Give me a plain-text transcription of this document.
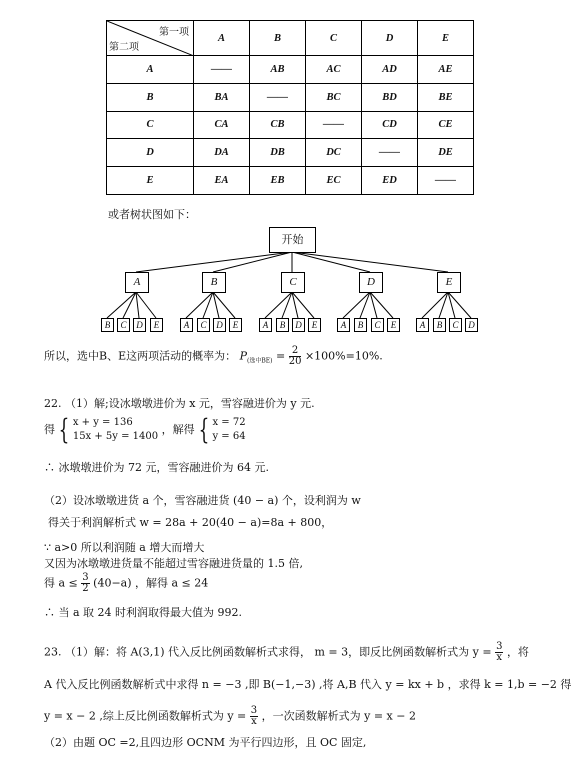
第一项
第二项	A	B	C	D	E
A	——	AB	AC	AD	AE
B	BA	——	BC	BD	BE
C	CA	CB	——	CD	CE
D	DA	DB	DC	——	DE
E	EA	EB	EC	ED	——
或者树状图如下：
开始
A	B	C	D	E
B	C	D	E	A	C	D	E	A	B	D	E	A	B	C	E	A	B	C	D
所以，选中B、E这两项活动的概率为： $P_{(选中BE)} = \frac{2}{20} \times 100\%=10\%$.
22. （1）解;设冰墩墩进价为 x 元，雪容融进价为 y 元.
得 { x + y = 136
15x + 5y = 1400
，解得 { x = 72
y = 64
∴ 冰墩墩进价为 72 元，雪容融进价为 64 元.
（2）设冰墩墩进货 a 个，雪容融进货 (40 − a) 个，设利润为 w
得关于利润解析式 w = 28a + 20(40 − a)=8a + 800，
∵ a>0 所以利润随 a 增大而增大
又因为冰墩墩进货量不能超过雪容融进货量的 1.5 倍,
得 $a \le \frac{3}{2} (40-a)$ ，解得 a ≤ 24
∴ 当 a 取 24 时利润取得最大值为 992.
23. （1）解：将 A(3,1) 代入反比例函数解析式求得， m = 3，即反比例函数解析式为 $y = \frac{3}{x}$ ，将
A 代入反比例函数解析式中求得 n = −3 ,即 B(−1,−3) ,将 A,B 代入 y = kx + b ，求得 k = 1,b = −2 得
y = x − 2 ,综上反比例函数解析式为 $y = \frac{3}{x}$ ，一次函数解析式为 y = x − 2
（2）由题 OC =2,且四边形 OCNM 为平行四边形，且 OC 固定,
